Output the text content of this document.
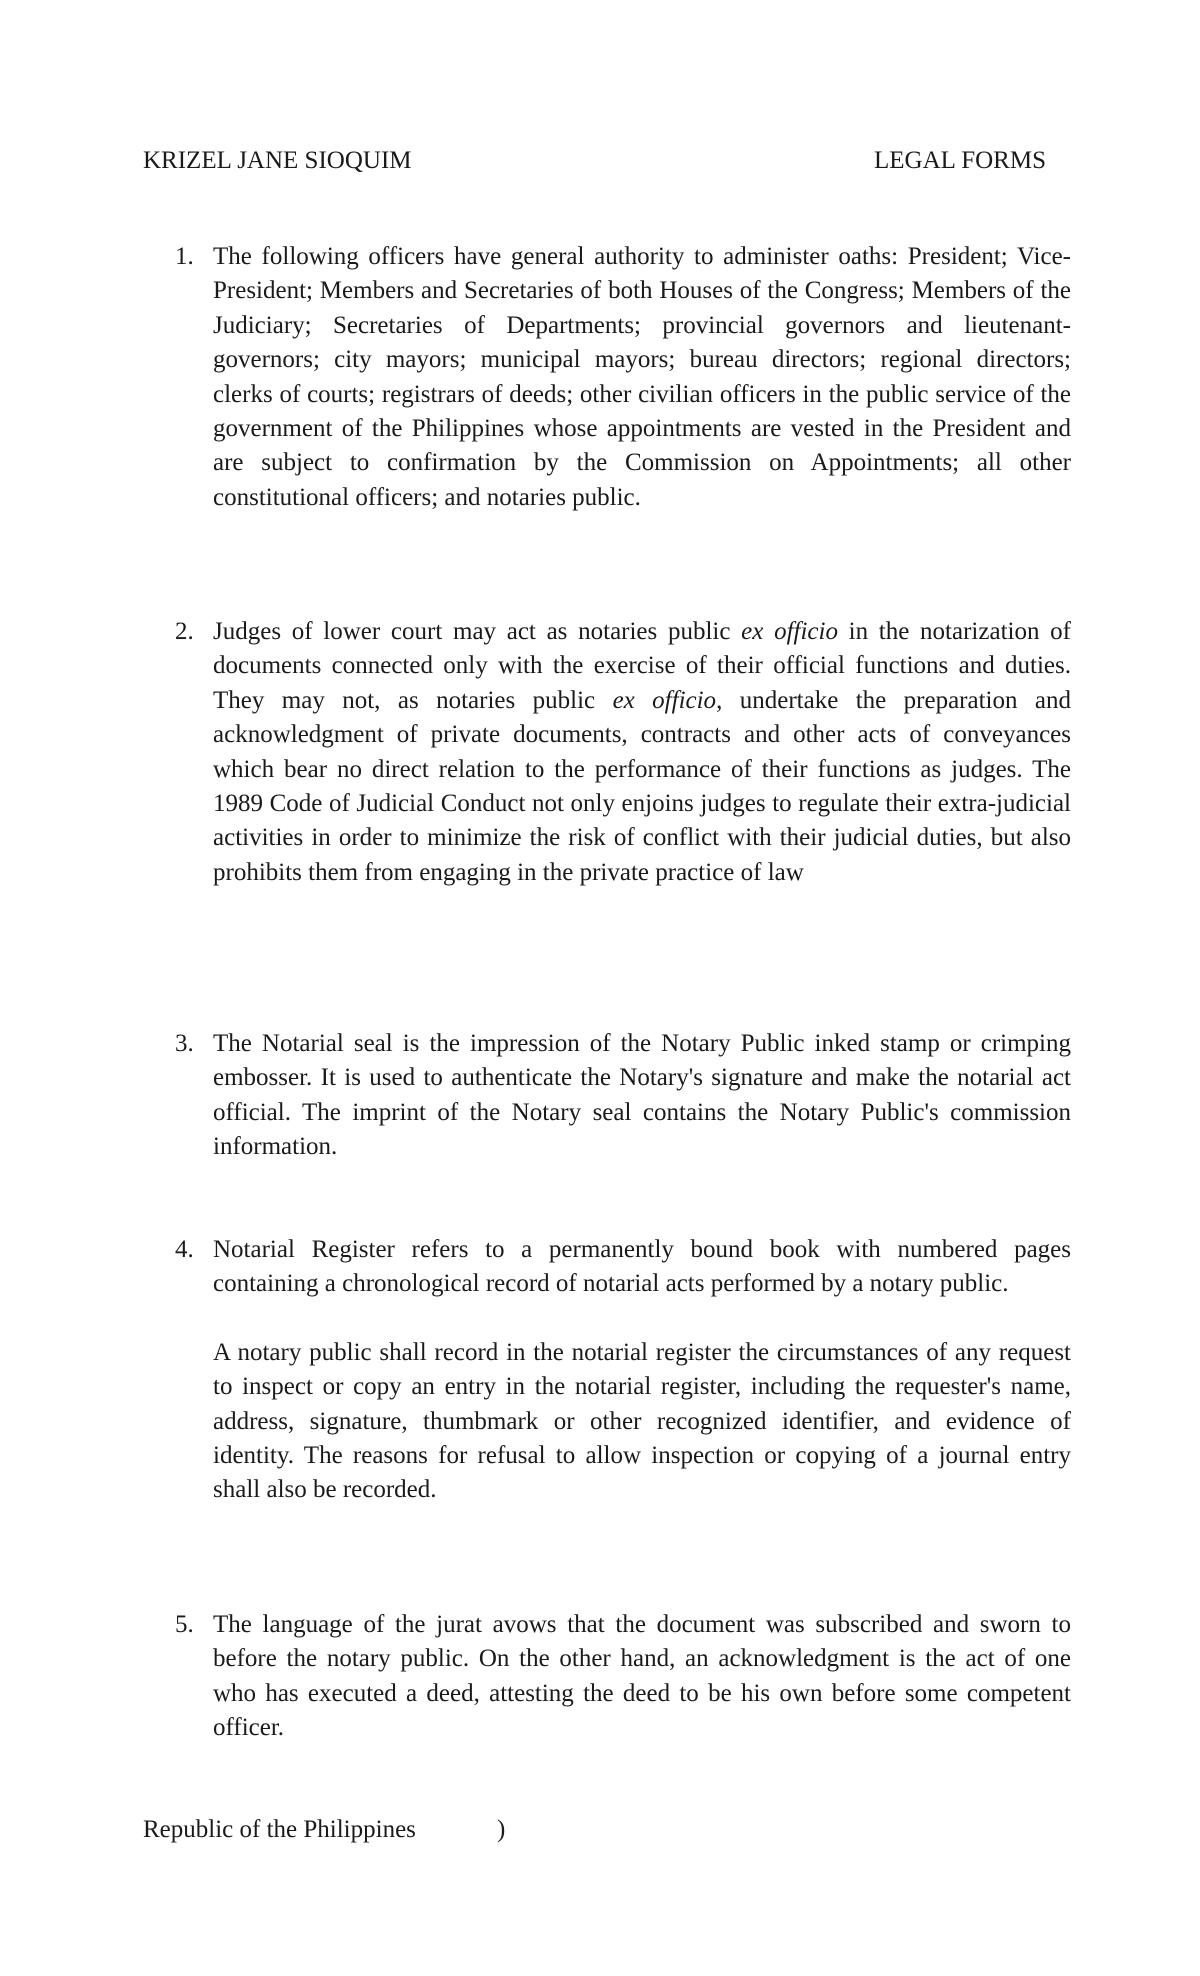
KRIZEL JANE SIOQUIM	LEGAL FORMS
1. The following officers have general authority to administer oaths: President; Vice-President; Members and Secretaries of both Houses of the Congress; Members of the Judiciary; Secretaries of Departments; provincial governors and lieutenant-governors; city mayors; municipal mayors; bureau directors; regional directors; clerks of courts; registrars of deeds; other civilian officers in the public service of the government of the Philippines whose appointments are vested in the President and are subject to confirmation by the Commission on Appointments; all other constitutional officers; and notaries public.

2. Judges of lower court may act as notaries public ex officio in the notarization of documents connected only with the exercise of their official functions and duties. They may not, as notaries public ex officio, undertake the preparation and acknowledgment of private documents, contracts and other acts of conveyances which bear no direct relation to the performance of their functions as judges. The 1989 Code of Judicial Conduct not only enjoins judges to regulate their extra-judicial activities in order to minimize the risk of conflict with their judicial duties, but also prohibits them from engaging in the private practice of law

3. The Notarial seal is the impression of the Notary Public inked stamp or crimping embosser. It is used to authenticate the Notary's signature and make the notarial act official. The imprint of the Notary seal contains the Notary Public's commission information.

4. Notarial Register refers to a permanently bound book with numbered pages containing a chronological record of notarial acts performed by a notary public.

A notary public shall record in the notarial register the circumstances of any request to inspect or copy an entry in the notarial register, including the requester's name, address, signature, thumbmark or other recognized identifier, and evidence of identity. The reasons for refusal to allow inspection or copying of a journal entry shall also be recorded.

5. The language of the jurat avows that the document was subscribed and sworn to before the notary public. On the other hand, an acknowledgment is the act of one who has executed a deed, attesting the deed to be his own before some competent officer.

Republic of the Philippines	)
